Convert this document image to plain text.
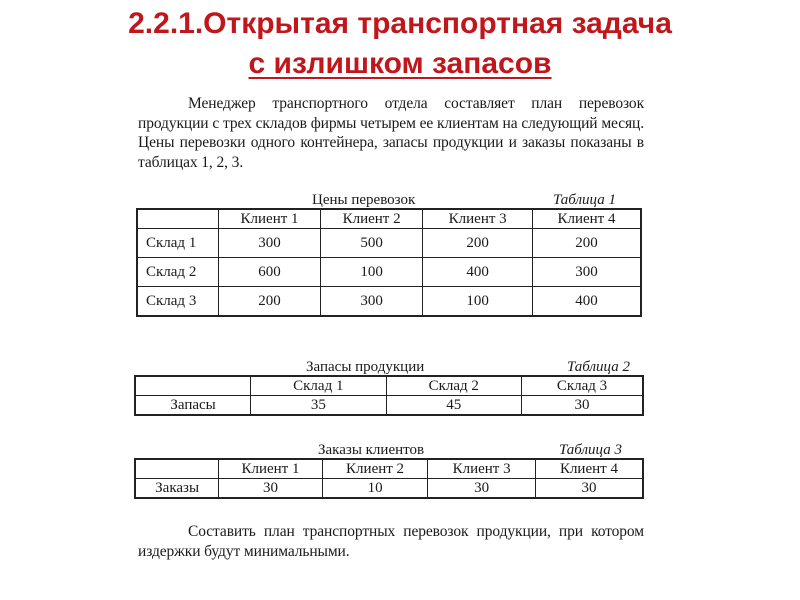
2.2.1.Открытая транспортная задача
с излишком запасов

Менеджер транспортного отдела составляет план перевозок продукции с трех складов фирмы четырем ее клиентам на следующий месяц. Цены перевозки одного контейнера, запасы продукции и заказы показаны в таблицах 1, 2, 3.

Цены перевозок	Таблица 1
	Клиент 1	Клиент 2	Клиент 3	Клиент 4
Склад 1	300	500	200	200
Склад 2	600	100	400	300
Склад 3	200	300	100	400
Запасы продукции	Таблица 2
	Склад 1	Склад 2	Склад 3
Запасы	35	45	30
Заказы клиентов	Таблица 3
	Клиент 1	Клиент 2	Клиент 3	Клиент 4
Заказы	30	10	30	30

Составить план транспортных перевозок продукции, при котором издержки будут минимальными.
